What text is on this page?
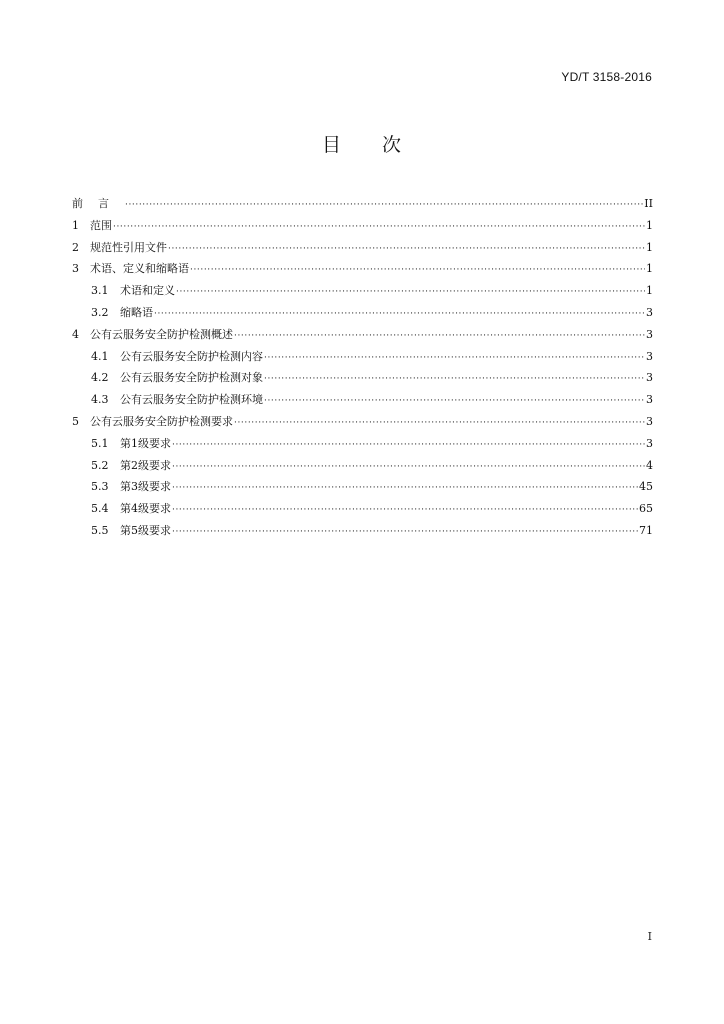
YD/T 3158-2016
目 次
前言 ·····	II
1	范围 ·····	1
2	规范性引用文件 ·····	1
3	术语、定义和缩略语 ·····	1
3.1	术语和定义 ·····	1
3.2	缩略语 ·····	3
4	公有云服务安全防护检测概述 ·····	3
4.1	公有云服务安全防护检测内容 ·····	3
4.2	公有云服务安全防护检测对象 ·····	3
4.3	公有云服务安全防护检测环境 ·····	3
5	公有云服务安全防护检测要求 ·····	3
5.1	第1级要求 ·····	3
5.2	第2级要求 ·····	4
5.3	第3级要求 ·····	45
5.4	第4级要求 ·····	65
5.5	第5级要求 ·····	71
I
